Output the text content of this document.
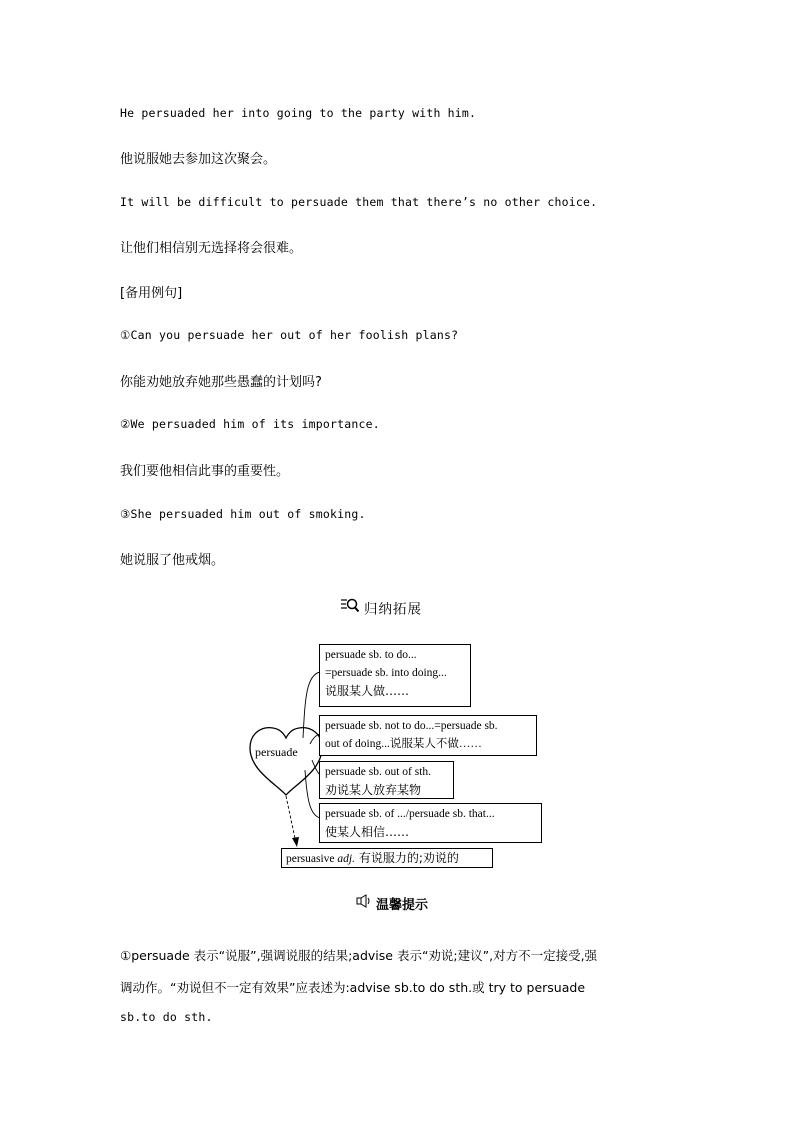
He persuaded her into going to the party with him.
他说服她去参加这次聚会。
It will be difficult to persuade them that there’s no other choice.
让他们相信别无选择将会很难。
[备用例句]
①Can you persuade her out of her foolish plans?
你能劝她放弃她那些愚蠢的计划吗?
②We persuaded him of its importance.
我们要他相信此事的重要性。
③She persuaded him out of smoking.
她说服了他戒烟。
归纳拓展
persuade
persuade sb. to do...
=persuade sb. into doing...
说服某人做……
persuade sb. not to do...=persuade sb.
out of doing...说服某人不做……
persuade sb. out of sth.
劝说某人放弃某物
persuade sb. of .../persuade sb. that...
使某人相信……
persuasive adj. 有说服力的;劝说的
温馨提示
①persuade 表示“说服”,强调说服的结果;advise 表示“劝说;建议”,对方不一定接受,强
调动作。“劝说但不一定有效果”应表述为:advise sb.to do sth.或 try to persuade
sb.to do sth.
